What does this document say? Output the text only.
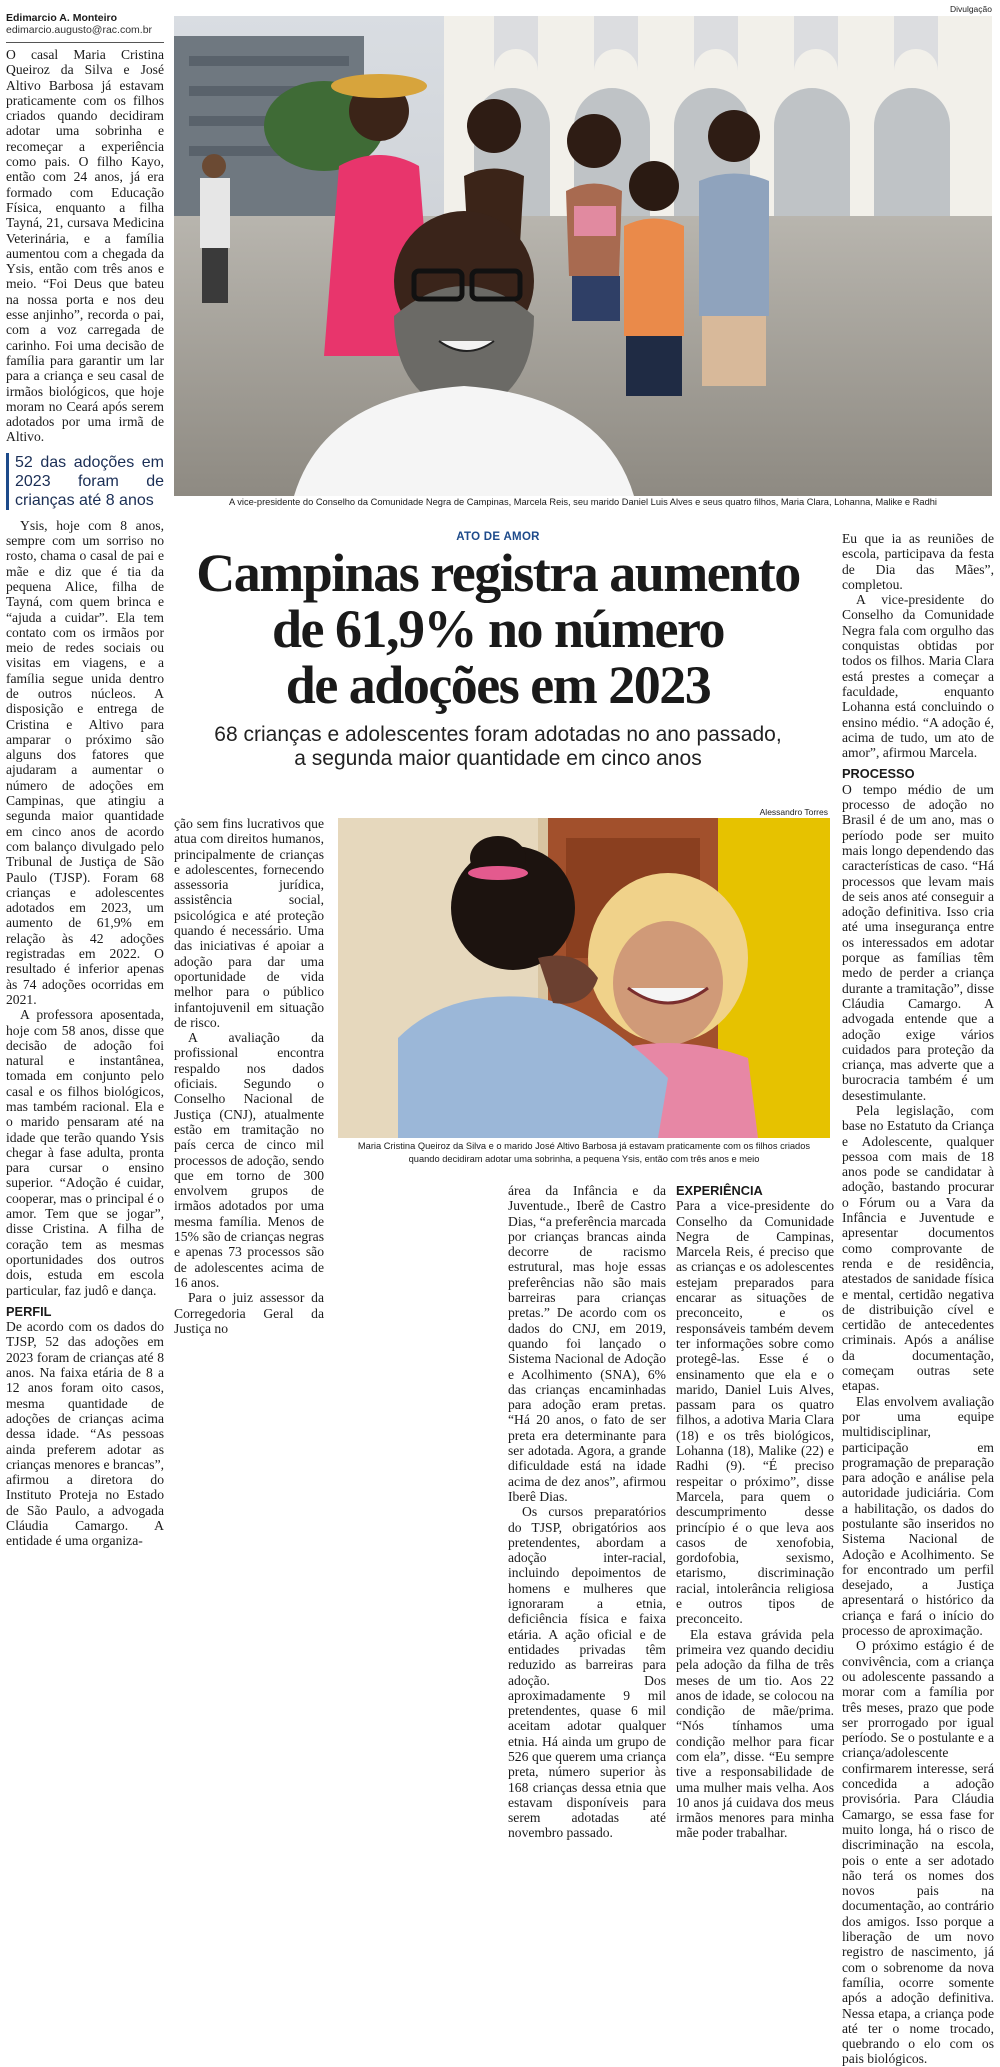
Edimarcio A. Monteiro
edimarcio.augusto@rac.com.br
Divulgação
A vice-presidente do Conselho da Comunidade Negra de Campinas, Marcela Reis, seu marido Daniel Luis Alves e seus quatro filhos, Maria Clara, Lohanna, Malike e Radhi

O casal Maria Cristina Queiroz da Silva e José Altivo Barbosa já estavam praticamente com os filhos criados quando decidiram adotar uma sobrinha e recomeçar a experiência como pais. O filho Kayo, então com 24 anos, já era formado com Educação Física, enquanto a filha Tayná, 21, cursava Medicina Veterinária, e a família aumentou com a chegada da Ysis, então com três anos e meio. “Foi Deus que bateu na nossa porta e nos deu esse anjinho”, recorda o pai, com a voz carregada de carinho. Foi uma decisão de família para garantir um lar para a criança e seu casal de irmãos biológicos, que hoje moram no Ceará após serem adotados por uma irmã de Altivo.

52 das adoções em 2023 foram de crianças até 8 anos

Ysis, hoje com 8 anos, sempre com um sorriso no rosto, chama o casal de pai e mãe e diz que é tia da pequena Alice, filha de Tayná, com quem brinca e “ajuda a cuidar”. Ela tem contato com os irmãos por meio de redes sociais ou visitas em viagens, e a família segue unida dentro de outros núcleos. A disposição e entrega de Cristina e Altivo para amparar o próximo são alguns dos fatores que ajudaram a aumentar o número de adoções em Campinas, que atingiu a segunda maior quantidade em cinco anos de acordo com balanço divulgado pelo Tribunal de Justiça de São Paulo (TJSP). Foram 68 crianças e adolescentes adotados em 2023, um aumento de 61,9% em relação às 42 adoções registradas em 2022. O resultado é inferior apenas às 74 adoções ocorridas em 2021.

A professora aposentada, hoje com 58 anos, disse que decisão de adoção foi natural e instantânea, tomada em conjunto pelo casal e os filhos biológicos, mas também racional. Ela e o marido pensaram até na idade que terão quando Ysis chegar à fase adulta, pronta para cursar o ensino superior. “Adoção é cuidar, cooperar, mas o principal é o amor. Tem que se jogar”, disse Cristina. A filha de coração tem as mesmas oportunidades dos outros dois, estuda em escola particular, faz judô e dança.

PERFIL

De acordo com os dados do TJSP, 52 das adoções em 2023 foram de crianças até 8 anos. Na faixa etária de 8 a 12 anos foram oito casos, mesma quantidade de adoções de crianças acima dessa idade. “As pessoas ainda preferem adotar as crianças menores e brancas”, afirmou a diretora do Instituto Proteja no Estado de São Paulo, a advogada Cláudia Camargo. A entidade é uma organiza-

ATO DE AMOR
Campinas registra aumento
de 61,9% no número
de adoções em 2023
68 crianças e adolescentes foram adotadas no ano passado,
a segunda maior quantidade em cinco anos

ção sem fins lucrativos que atua com direitos humanos, principalmente de crianças e adolescentes, fornecendo assessoria jurídica, assistência social, psicológica e até proteção quando é necessário. Uma das iniciativas é apoiar a adoção para dar uma oportunidade de vida melhor para o público infantojuvenil em situação de risco.

A avaliação da profissional encontra respaldo nos dados oficiais. Segundo o Conselho Nacional de Justiça (CNJ), atualmente estão em tramitação no país cerca de cinco mil processos de adoção, sendo que em torno de 300 envolvem grupos de irmãos adotados por uma mesma família. Menos de 15% são de crianças negras e apenas 73 processos são de adolescentes acima de 16 anos.

Para o juiz assessor da Corregedoria Geral da Justiça no

Alessandro Torres
Maria Cristina Queiroz da Silva e o marido José Altivo Barbosa já estavam praticamente com os filhos criados
quando decidiram adotar uma sobrinha, a pequena Ysis, então com três anos e meio

área da Infância e da Juventude., Iberê de Castro Dias, “a preferência marcada por crianças brancas ainda decorre de racismo estrutural, mas hoje essas preferências não são mais barreiras para crianças pretas.” De acordo com os dados do CNJ, em 2019, quando foi lançado o Sistema Nacional de Adoção e Acolhimento (SNA), 6% das crianças encaminhadas para adoção eram pretas. “Há 20 anos, o fato de ser preta era determinante para ser adotada. Agora, a grande dificuldade está na idade acima de dez anos”, afirmou Iberê Dias.

Os cursos preparatórios do TJSP, obrigatórios aos pretendentes, abordam a adoção inter-racial, incluindo depoimentos de homens e mulheres que ignoraram a etnia, deficiência física e faixa etária. A ação oficial e de entidades privadas têm reduzido as barreiras para adoção. Dos aproximadamente 9 mil pretendentes, quase 6 mil aceitam adotar qualquer etnia. Há ainda um grupo de 526 que querem uma criança preta, número superior às 168 crianças dessa etnia que estavam disponíveis para serem adotadas até novembro passado.

EXPERIÊNCIA

Para a vice-presidente do Conselho da Comunidade Negra de Campinas, Marcela Reis, é preciso que as crianças e os adolescentes estejam preparados para encarar as situações de preconceito, e os responsáveis também devem ter informações sobre como protegê-las. Esse é o ensinamento que ela e o marido, Daniel Luis Alves, passam para os quatro filhos, a adotiva Maria Clara (18) e os três biológicos, Lohanna (18), Malike (22) e Radhi (9). “É preciso respeitar o próximo”, disse Marcela, para quem o descumprimento desse princípio é o que leva aos casos de xenofobia, gordofobia, sexismo, etarismo, discriminação racial, intolerância religiosa e outros tipos de preconceito.

Ela estava grávida pela primeira vez quando decidiu pela adoção da filha de três meses de um tio. Aos 22 anos de idade, se colocou na condição de mãe/prima. “Nós tínhamos uma condição melhor para ficar com ela”, disse. “Eu sempre tive a responsabilidade de uma mulher mais velha. Aos 10 anos já cuidava dos meus irmãos menores para minha mãe poder trabalhar.

Eu que ia as reuniões de escola, participava da festa de Dia das Mães”, completou.

A vice-presidente do Conselho da Comunidade Negra fala com orgulho das conquistas obtidas por todos os filhos. Maria Clara está prestes a começar a faculdade, enquanto Lohanna está concluindo o ensino médio. “A adoção é, acima de tudo, um ato de amor”, afirmou Marcela.

PROCESSO

O tempo médio de um processo de adoção no Brasil é de um ano, mas o período pode ser muito mais longo dependendo das características de caso. “Há processos que levam mais de seis anos até conseguir a adoção definitiva. Isso cria até uma insegurança entre os interessados em adotar porque as famílias têm medo de perder a criança durante a tramitação”, disse Cláudia Camargo. A advogada entende que a adoção exige vários cuidados para proteção da criança, mas adverte que a burocracia também é um desestimulante.

Pela legislação, com base no Estatuto da Criança e Adolescente, qualquer pessoa com mais de 18 anos pode se candidatar à adoção, bastando procurar o Fórum ou a Vara da Infância e Juventude e apresentar documentos como comprovante de renda e de residência, atestados de sanidade física e mental, certidão negativa de distribuição cível e certidão de antecedentes criminais. Após a análise da documentação, começam outras sete etapas.

Elas envolvem avaliação por uma equipe multidisciplinar, participação em programação de preparação para adoção e análise pela autoridade judiciária. Com a habilitação, os dados do postulante são inseridos no Sistema Nacional de Adoção e Acolhimento. Se for encontrado um perfil desejado, a Justiça apresentará o histórico da criança e fará o início do processo de aproximação.

O próximo estágio é de convivência, com a criança ou adolescente passando a morar com a família por três meses, prazo que pode ser prorrogado por igual período. Se o postulante e a criança/adolescente confirmarem interesse, será concedida a adoção provisória. Para Cláudia Camargo, se essa fase for muito longa, há o risco de discriminação na escola, pois o ente a ser adotado não terá os nomes dos novos pais na documentação, ao contrário dos amigos. Isso porque a liberação de um novo registro de nascimento, já com o sobrenome da nova família, ocorre somente após a adoção definitiva. Nessa etapa, a criança pode até ter o nome trocado, quebrando o elo com os pais biológicos.
